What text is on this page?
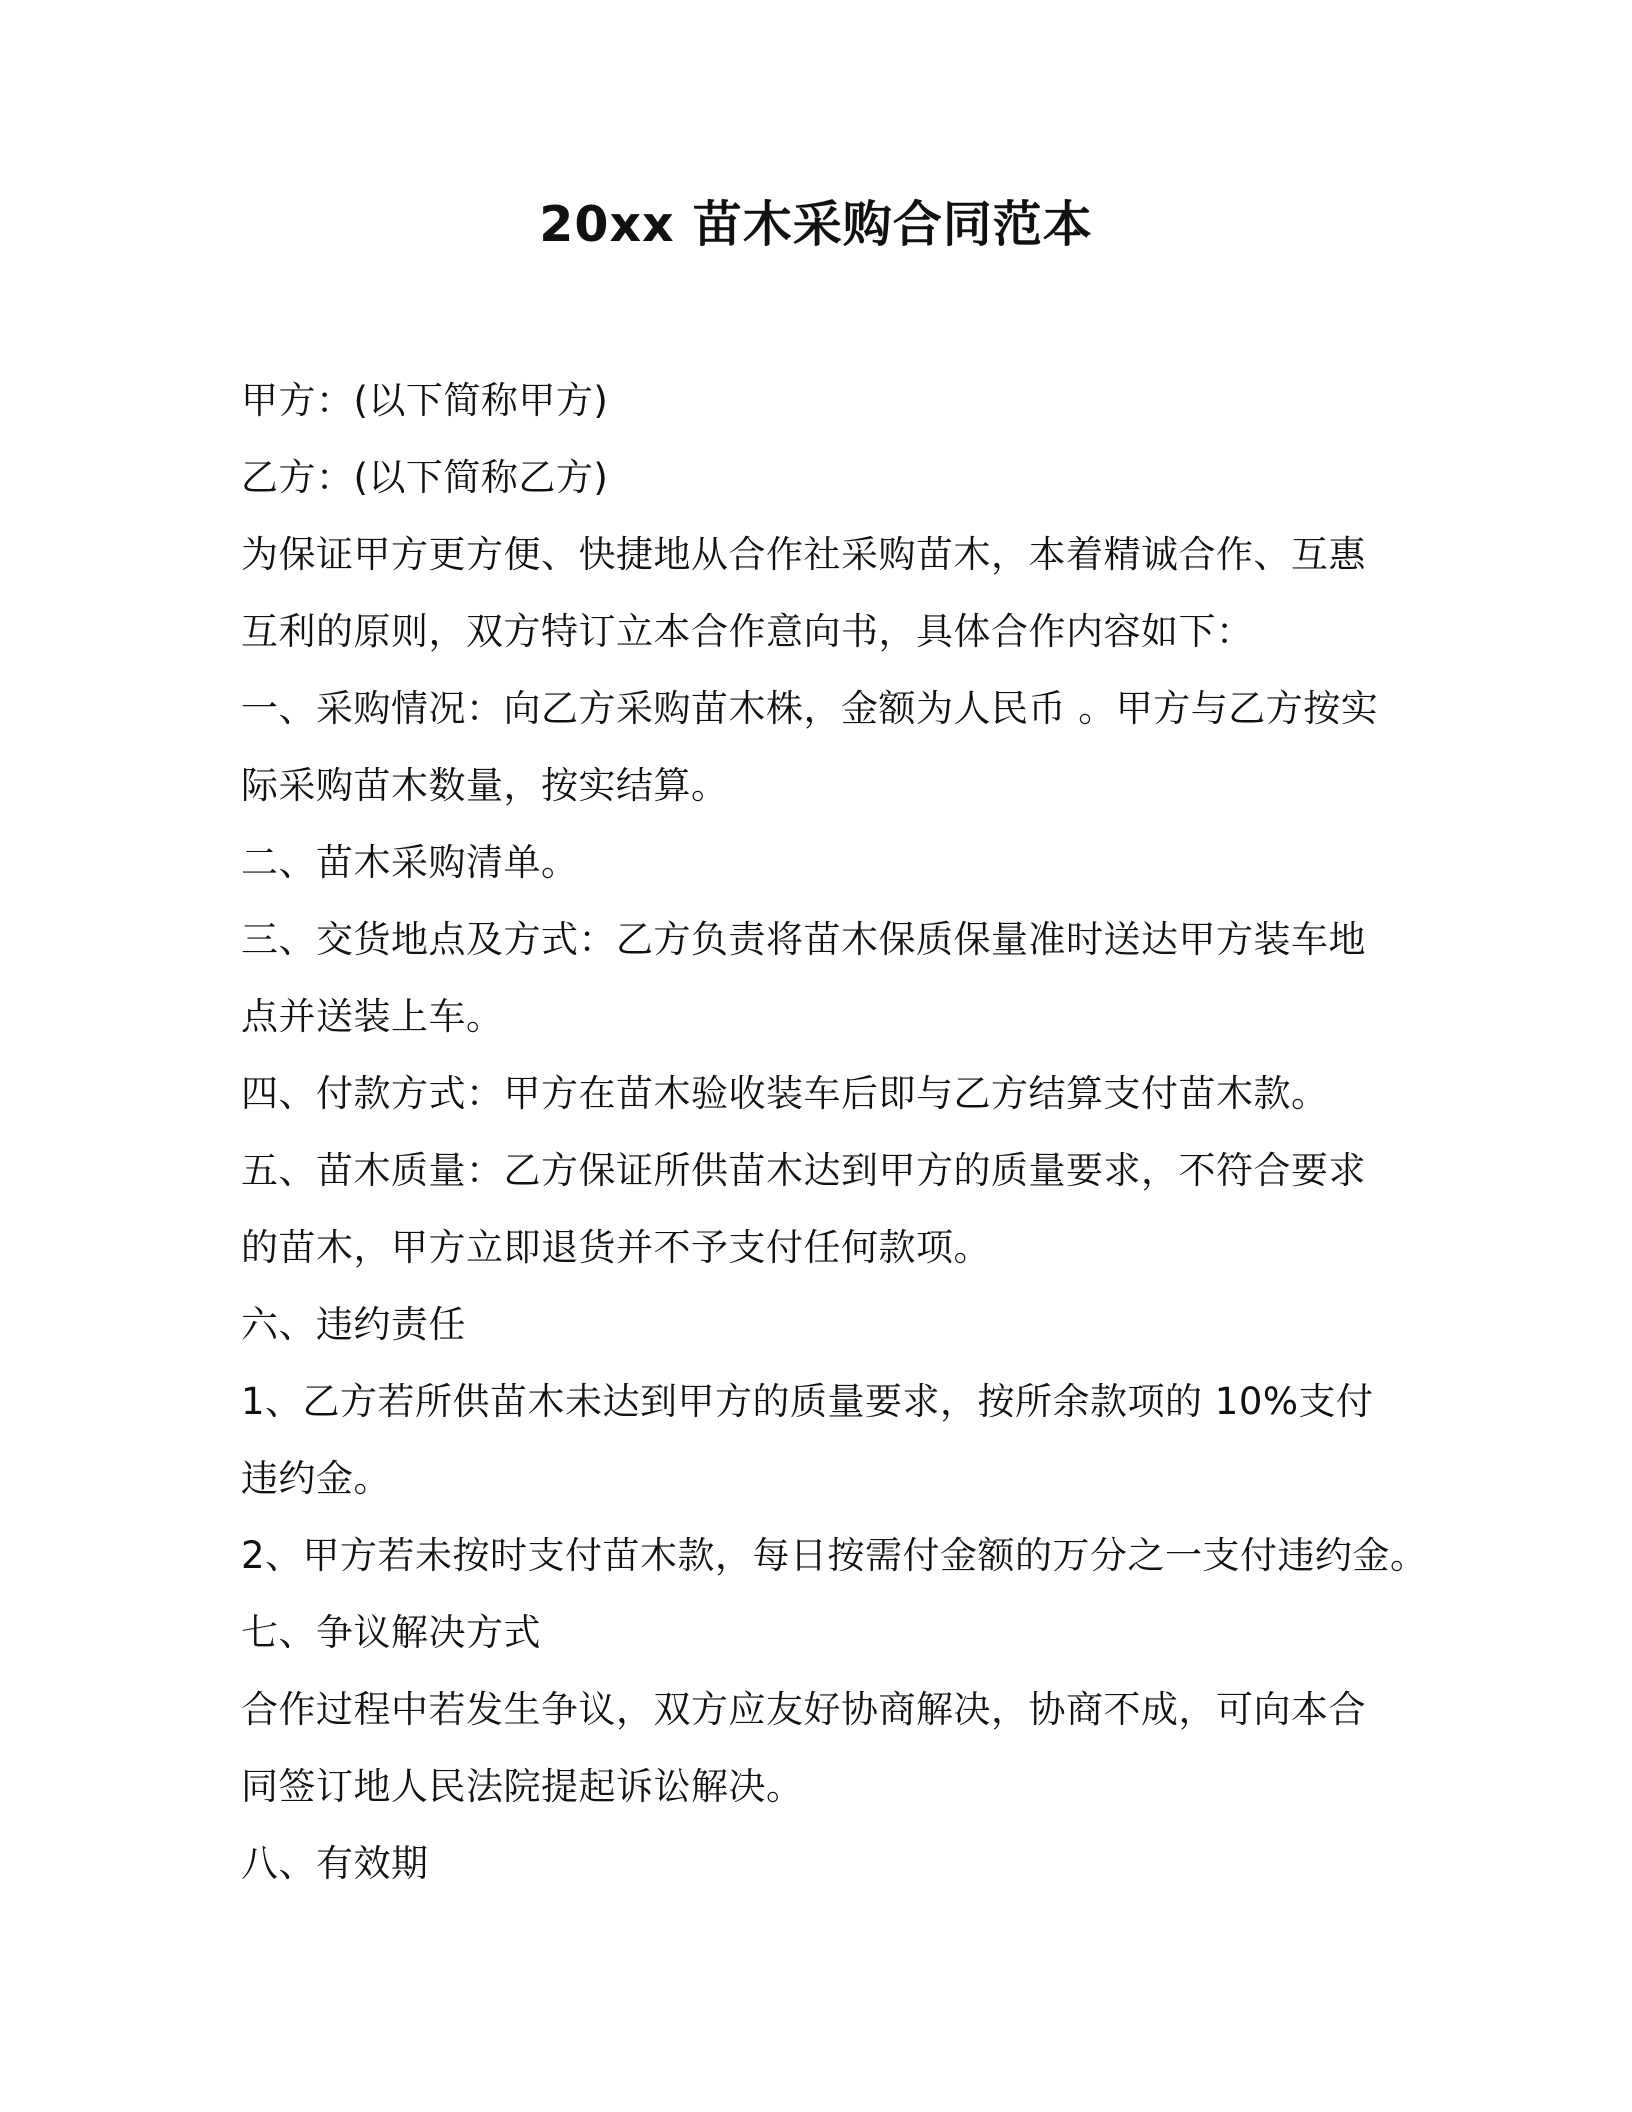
20xx 苗木采购合同范本

甲方：(以下简称甲方)

乙方：(以下简称乙方)

为保证甲方更方便、快捷地从合作社采购苗木，本着精诚合作、互惠

互利的原则，双方特订立本合作意向书，具体合作内容如下：

一、采购情况：向乙方采购苗木株，金额为人民币 。甲方与乙方按实

际采购苗木数量，按实结算。

二、苗木采购清单。

三、交货地点及方式：乙方负责将苗木保质保量准时送达甲方装车地

点并送装上车。

四、付款方式：甲方在苗木验收装车后即与乙方结算支付苗木款。

五、苗木质量：乙方保证所供苗木达到甲方的质量要求，不符合要求

的苗木，甲方立即退货并不予支付任何款项。

六、违约责任

1、乙方若所供苗木未达到甲方的质量要求，按所余款项的 10%支付

违约金。

2、甲方若未按时支付苗木款，每日按需付金额的万分之一支付违约金。

七、争议解决方式

合作过程中若发生争议，双方应友好协商解决，协商不成，可向本合

同签订地人民法院提起诉讼解决。

八、有效期
